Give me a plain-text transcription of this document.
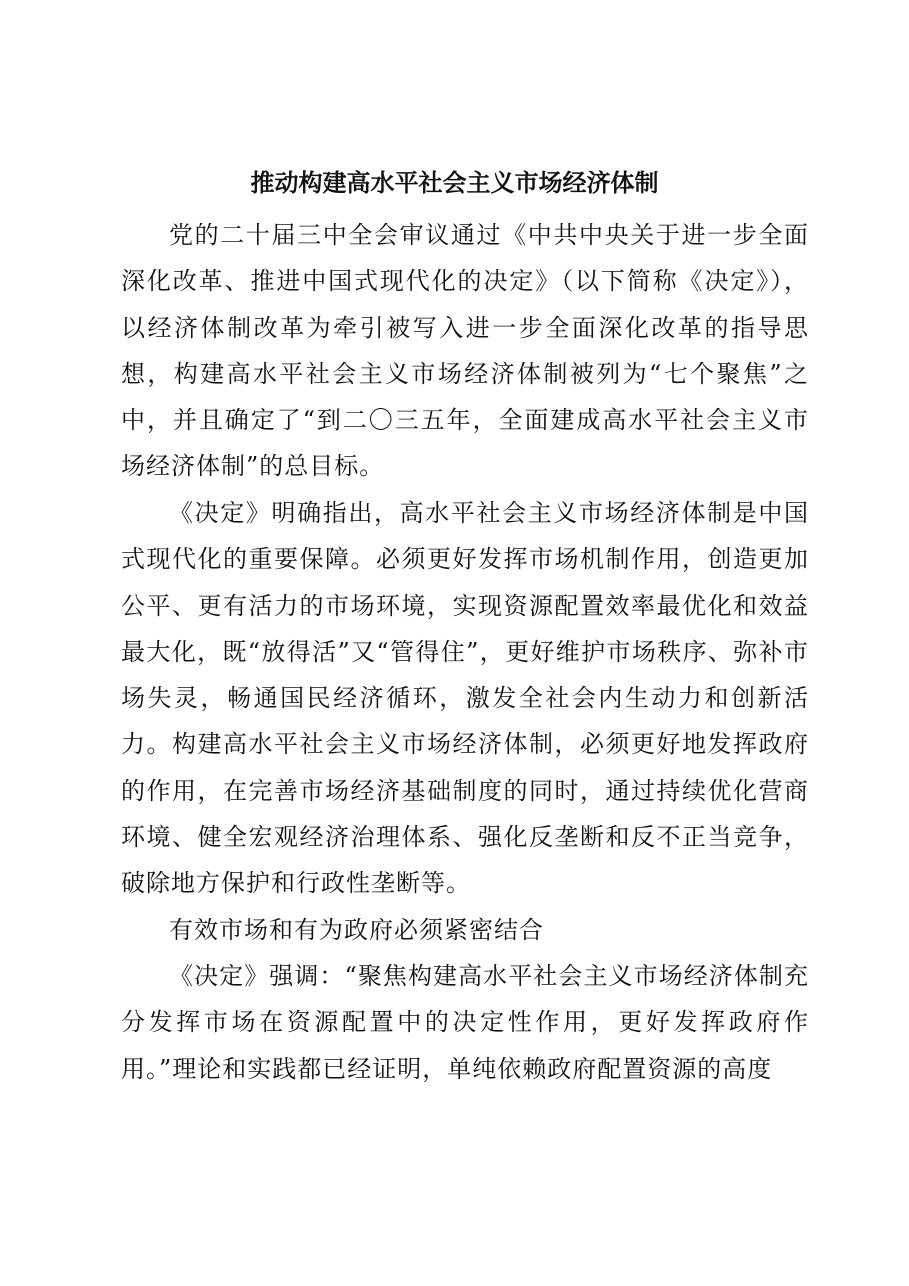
推动构建高水平社会主义市场经济体制
党的二十届三中全会审议通过《中共中央关于进一步全面深化改革、推进中国式现代化的决定》（以下简称《决定》），以经济体制改革为牵引被写入进一步全面深化改革的指导思想，构建高水平社会主义市场经济体制被列为“七个聚焦”之中，并且确定了“到二〇三五年，全面建成高水平社会主义市场经济体制”的总目标。
《决定》明确指出，高水平社会主义市场经济体制是中国式现代化的重要保障。必须更好发挥市场机制作用，创造更加公平、更有活力的市场环境，实现资源配置效率最优化和效益最大化，既“放得活”又“管得住”，更好维护市场秩序、弥补市场失灵，畅通国民经济循环，激发全社会内生动力和创新活力。构建高水平社会主义市场经济体制，必须更好地发挥政府的作用，在完善市场经济基础制度的同时，通过持续优化营商环境、健全宏观经济治理体系、强化反垄断和反不正当竞争，破除地方保护和行政性垄断等。
有效市场和有为政府必须紧密结合
《决定》强调：“聚焦构建高水平社会主义市场经济体制充分发挥市场在资源配置中的决定性作用，更好发挥政府作用。”理论和实践都已经证明，单纯依赖政府配置资源的高度
